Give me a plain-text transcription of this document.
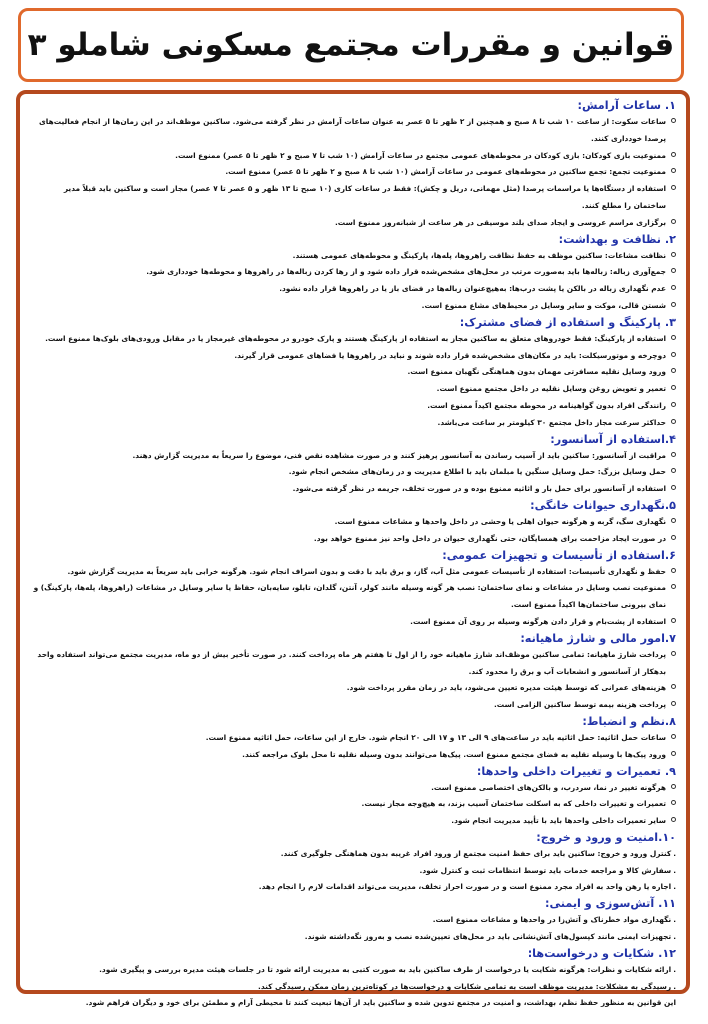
قوانین و مقررات مجتمع مسکونی شاملو ۳
۱. ساعات آرامش:
ساعات سکوت: از ساعت ۱۰ شب تا ۸ صبح و همچنین از ۲ ظهر تا ۵ عصر به عنوان ساعات آرامش در نظر گرفته می‌شود. ساکنین موظف‌اند در این زمان‌ها از انجام فعالیت‌های پرصدا خودداری کنند.
ممنوعیت بازی کودکان: بازی کودکان در محوطه‌های عمومی مجتمع در ساعات آرامش (۱۰ شب تا ۷ صبح و ۲ ظهر تا ۵ عصر) ممنوع است.
ممنوعیت تجمع: تجمع ساکنین در محوطه‌های عمومی در ساعات آرامش (۱۰ شب تا ۸ صبح و ۲ ظهر تا ۵ عصر) ممنوع است.
استفاده از دستگاه‌ها یا مراسمات پرصدا (مثل مهمانی، دریل و چکش): فقط در ساعات کاری (۱۰ صبح تا ۱۳ ظهر و ۵ عصر تا ۷ عصر) مجاز است و ساکنین باید قبلاً مدیر ساختمان را مطلع کنند.
برگزاری مراسم عروسی و ایجاد صدای بلند موسیقی در هر ساعت از شبانه‌روز ممنوع است.
۲. نظافت و بهداشت:
نظافت مشاعات: ساکنین موظف به حفظ نظافت راهروها، پله‌ها، پارکینگ و محوطه‌های عمومی هستند.
جمع‌آوری زباله: زباله‌ها باید به‌صورت مرتب در محل‌های مشخص‌شده قرار داده شود و از رها کردن زباله‌ها در راهروها و محوطه‌ها خودداری شود.
عدم نگهداری زباله در بالکن یا پشت درب‌ها: به‌هیچ‌عنوان زباله‌ها در فضای باز یا در راهروها قرار داده نشود.
شستن قالی، موکت و سایر وسایل در محیط‌های مشاع ممنوع است.
۳. پارکینگ و استفاده از فضای مشترک:
استفاده از پارکینگ: فقط خودروهای متعلق به ساکنین مجاز به استفاده از پارکینگ هستند و پارک خودرو در محوطه‌های غیرمجاز یا در مقابل ورودی‌های بلوک‌ها ممنوع است.
دوچرخه و موتورسیکلت: باید در مکان‌های مشخص‌شده قرار داده شوند و نباید در راهروها یا فضاهای عمومی قرار گیرند.
ورود وسایل نقلیه مسافرتی مهمان بدون هماهنگی نگهبان ممنوع است.
تعمیر و تعویض روغن وسایل نقلیه در داخل مجتمع ممنوع است.
رانندگی افراد بدون گواهینامه در محوطه مجتمع اکیداً ممنوع است.
حداکثر سرعت مجاز داخل مجتمع ۳۰ کیلومتر بر ساعت می‌باشد.
۴.استفاده از آسانسور:
مراقبت از آسانسور: ساکنین باید از آسیب رساندن به آسانسور پرهیز کنند و در صورت مشاهده نقص فنی، موضوع را سریعاً به مدیریت گزارش دهند.
حمل وسایل بزرگ: حمل وسایل سنگین یا مبلمان باید با اطلاع مدیریت و در زمان‌های مشخص انجام شود.
استفاده از آسانسور برای حمل بار و اثاثیه ممنوع بوده و در صورت تخلف، جریمه در نظر گرفته می‌شود.
۵.نگهداری حیوانات خانگی:
نگهداری سگ، گربه و هرگونه حیوان اهلی یا وحشی در داخل واحدها و مشاعات ممنوع است.
در صورت ایجاد مزاحمت برای همسایگان، حتی نگهداری حیوان در داخل واحد نیز ممنوع خواهد بود.
۶.استفاده از تأسیسات و تجهیزات عمومی:
حفظ و نگهداری تأسیسات: استفاده از تأسیسات عمومی مثل آب، گاز، و برق باید با دقت و بدون اسراف انجام شود. هرگونه خرابی باید سریعاً به مدیریت گزارش شود.
ممنوعیت نصب وسایل در مشاعات و نمای ساختمان: نصب هر گونه وسیله مانند کولر، آنتن، گلدان، تابلو، سایه‌بان، حفاظ یا سایر وسایل در مشاعات (راهروها، پله‌ها، پارکینگ) و نمای بیرونی ساختمان‌ها اکیداً ممنوع است.
استفاده از پشت‌بام و قرار دادن هرگونه وسیله بر روی آن ممنوع است.
۷.امور مالی و شارژ ماهیانه:
پرداخت شارژ ماهیانه: تمامی ساکنین موظف‌اند شارژ ماهیانه خود را از اول تا هفتم هر ماه پرداخت کنند. در صورت تأخیر بیش از دو ماه، مدیریت مجتمع می‌تواند استفاده واحد بدهکار از آسانسور و انشعابات آب و برق را محدود کند.
هزینه‌های عمرانی که توسط هیئت مدیره تعیین می‌شود، باید در زمان مقرر پرداخت شود.
پرداخت هزینه بیمه توسط ساکنین الزامی است.
۸.نظم و انضباط:
ساعات حمل اثاثیه: حمل اثاثیه باید در ساعت‌های ۹ الی ۱۳ و ۱۷ الی ۲۰ انجام شود. خارج از این ساعات، حمل اثاثیه ممنوع است.
ورود پیک‌ها با وسیله نقلیه به فضای مجتمع ممنوع است. پیک‌ها می‌توانند بدون وسیله نقلیه تا محل بلوک مراجعه کنند.
۹. تعمیرات و تغییرات داخلی واحدها:
هرگونه تغییر در نما، سردرب، و بالکن‌های اختصاصی ممنوع است.
تعمیرات و تغییرات داخلی که به اسکلت ساختمان آسیب بزند، به هیچ‌وجه مجاز نیست.
سایر تعمیرات داخلی واحدها باید با تأیید مدیریت انجام شود.
۱۰.امنیت و ورود و خروج:
.
کنترل ورود و خروج: ساکنین باید برای حفظ امنیت مجتمع از ورود افراد غریبه بدون هماهنگی جلوگیری کنند.
.
سفارش کالا و مراجعه خدمات باید توسط انتظامات ثبت و کنترل شود.
.
اجاره یا رهن واحد به افراد مجرد ممنوع است و در صورت احراز تخلف، مدیریت می‌تواند اقدامات لازم را انجام دهد.
۱۱. آتش‌سوزی و ایمنی:
.
نگهداری مواد خطرناک و آتش‌زا در واحدها و مشاعات ممنوع است.
.
تجهیزات ایمنی مانند کپسول‌های آتش‌نشانی باید در محل‌های تعیین‌شده نصب و به‌روز نگه‌داشته شوند.
۱۲. شکایات و درخواست‌ها:
.
ارائه شکایات و نظرات: هرگونه شکایت یا درخواست از طرف ساکنین باید به صورت کتبی به مدیریت ارائه شود تا در جلسات هیئت مدیره بررسی و پیگیری شود.
.
رسیدگی به مشکلات: مدیریت موظف است به تمامی شکایات و درخواست‌ها در کوتاه‌ترین زمان ممکن رسیدگی کند.
این قوانین به منظور حفظ نظم، بهداشت، و امنیت در مجتمع تدوین شده و ساکنین باید از آن‌ها تبعیت کنند تا محیطی آرام و مطمئن برای خود و دیگران فراهم شود.
